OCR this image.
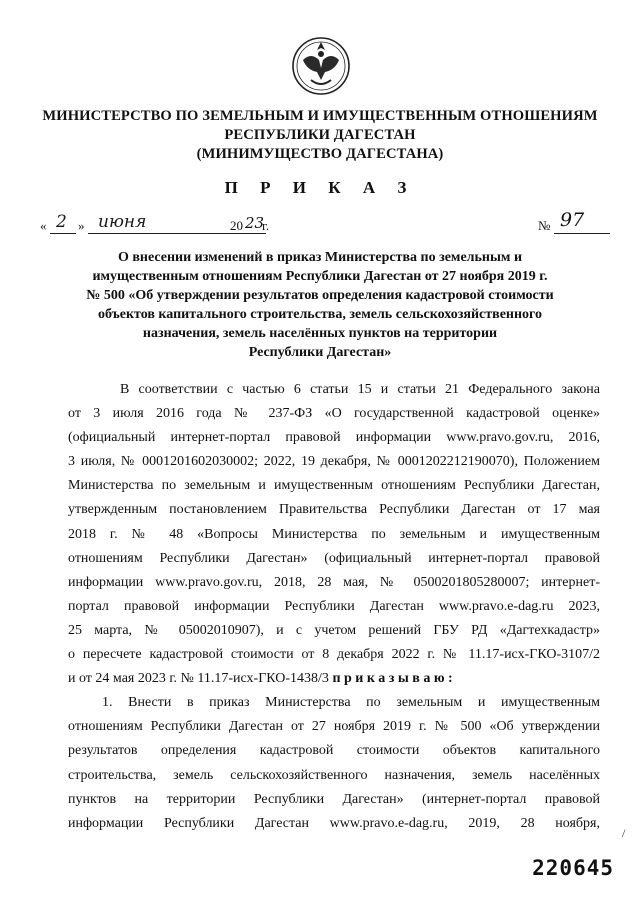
МИНИСТЕРСТВО ПО ЗЕМЕЛЬНЫМ И ИМУЩЕСТВЕННЫМ ОТНОШЕНИЯМ
РЕСПУБЛИКИ ДАГЕСТАН
(МИНИМУЩЕСТВО ДАГЕСТАНА)
П Р И К А З
« 2 » июня	20 23
г.	№ 97
О внесении изменений в приказ Министерства по земельным и
имущественным отношениям Республики Дагестан от 27 ноября 2019 г.
№ 500 «Об утверждении результатов определения кадастровой стоимости
объектов капитального строительства, земель сельскохозяйственного
назначения, земель населённых пунктов на территории
Республики Дагестан»
В соответствии с частью 6 статьи 15 и статьи 21 Федерального закона
от 3 июля 2016 года № 237-ФЗ «О государственной кадастровой оценке»
(официальный интернет-портал правовой информации www.pravo.gov.ru, 2016,
3 июля, № 0001201602030002; 2022, 19 декабря, № 0001202212190070), Положением
Министерства по земельным и имущественным отношениям Республики Дагестан,
утвержденным постановлением Правительства Республики Дагестан от 17 мая
2018 г. № 48 «Вопросы Министерства по земельным и имущественным
отношениям Республики Дагестан» (официальный интернет-портал правовой
информации www.pravo.gov.ru, 2018, 28 мая, № 0500201805280007; интернет-
портал правовой информации Республики Дагестан www.pravo.e-dag.ru 2023,
25 марта, № 05002010907), и с учетом решений ГБУ РД «Дагтехкадастр»
о пересчете кадастровой стоимости от 8 декабря 2022 г. № 11.17-исх-ГКО-3107/2
и от 24 мая 2023 г. № 11.17-исх-ГКО-1438/3 приказываю:
1. Внести в приказ Министерства по земельным и имущественным
отношениям Республики Дагестан от 27 ноября 2019 г. № 500 «Об утверждении
результатов определения кадастровой стоимости объектов капитального
строительства, земель сельскохозяйственного назначения, земель населённых
пунктов на территории Республики Дагестан» (интернет-портал правовой
информации Республики Дагестан www.pravo.e-dag.ru, 2019, 28 ноября,
/
220645
